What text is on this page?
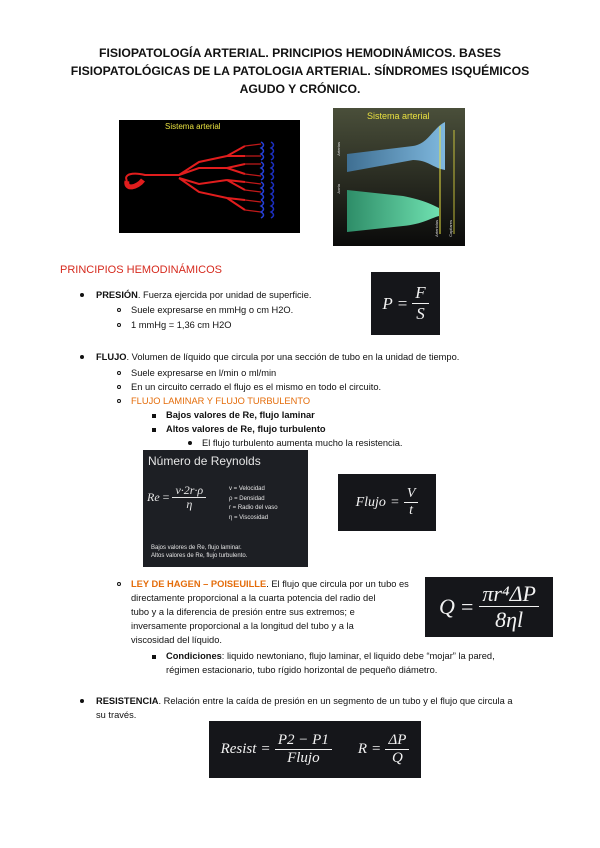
FISIOPATOLOGÍA ARTERIAL. PRINCIPIOS HEMODINÁMICOS. BASES
FISIOPATOLÓGICAS DE LA PATOLOGIA ARTERIAL. SÍNDROMES ISQUÉMICOS
AGUDO Y CRÓNICO.
Sistema arterial
Sistema arterial
Aorta
Arterias
Arteriolas Capilares
PRINCIPIOS HEMODINÁMICOS
PRESIÓN. Fuerza ejercida por unidad de superficie.
Suele expresarse en mmHg o cm H2O.
1 mmHg = 1,36 cm H2O
$P = \frac{F}{S}$
FLUJO. Volumen de líquido que circula por una sección de tubo en la unidad de tiempo.
Suele expresarse en l/min o ml/min
En un circuito cerrado el flujo es el mismo en todo el circuito.
FLUJO LAMINAR Y FLUJO TURBULENTO
Bajos valores de Re, flujo laminar
Altos valores de Re, flujo turbulento
El flujo turbulento aumenta mucho la resistencia.
Número de Reynolds
$Re = \frac{v\cdot 2r\cdot\rho}{\eta}$	v = Velocidad
ρ = Densidad
r = Radio del vaso
η = Viscosidad
Bajos valores de Re, flujo laminar.
Altos valores de Re, flujo turbulento.
Flujo = $\frac{V}{t}$
LEY DE HAGEN – POISEUILLE. El flujo que circula por un tubo es
directamente proporcional a la cuarta potencia del radio del
tubo y a la diferencia de presión entre sus extremos; e
inversamente proporcional a la longitud del tubo y a la
viscosidad del líquido.
$Q = \frac{\text{πr⁴ΔP}}{8\eta l}$
Condiciones: liquido newtoniano, flujo laminar, el liquido debe “mojar” la pared,
régimen estacionario, tubo rígido horizontal de pequeño diámetro.
RESISTENCIA. Relación entre la caída de presión en un segmento de un tubo y el flujo que circula a
su través.
Resist = $\frac{P2 - P1}{\text{Flujo}}$ $R = \frac{\Delta P}{Q}$
